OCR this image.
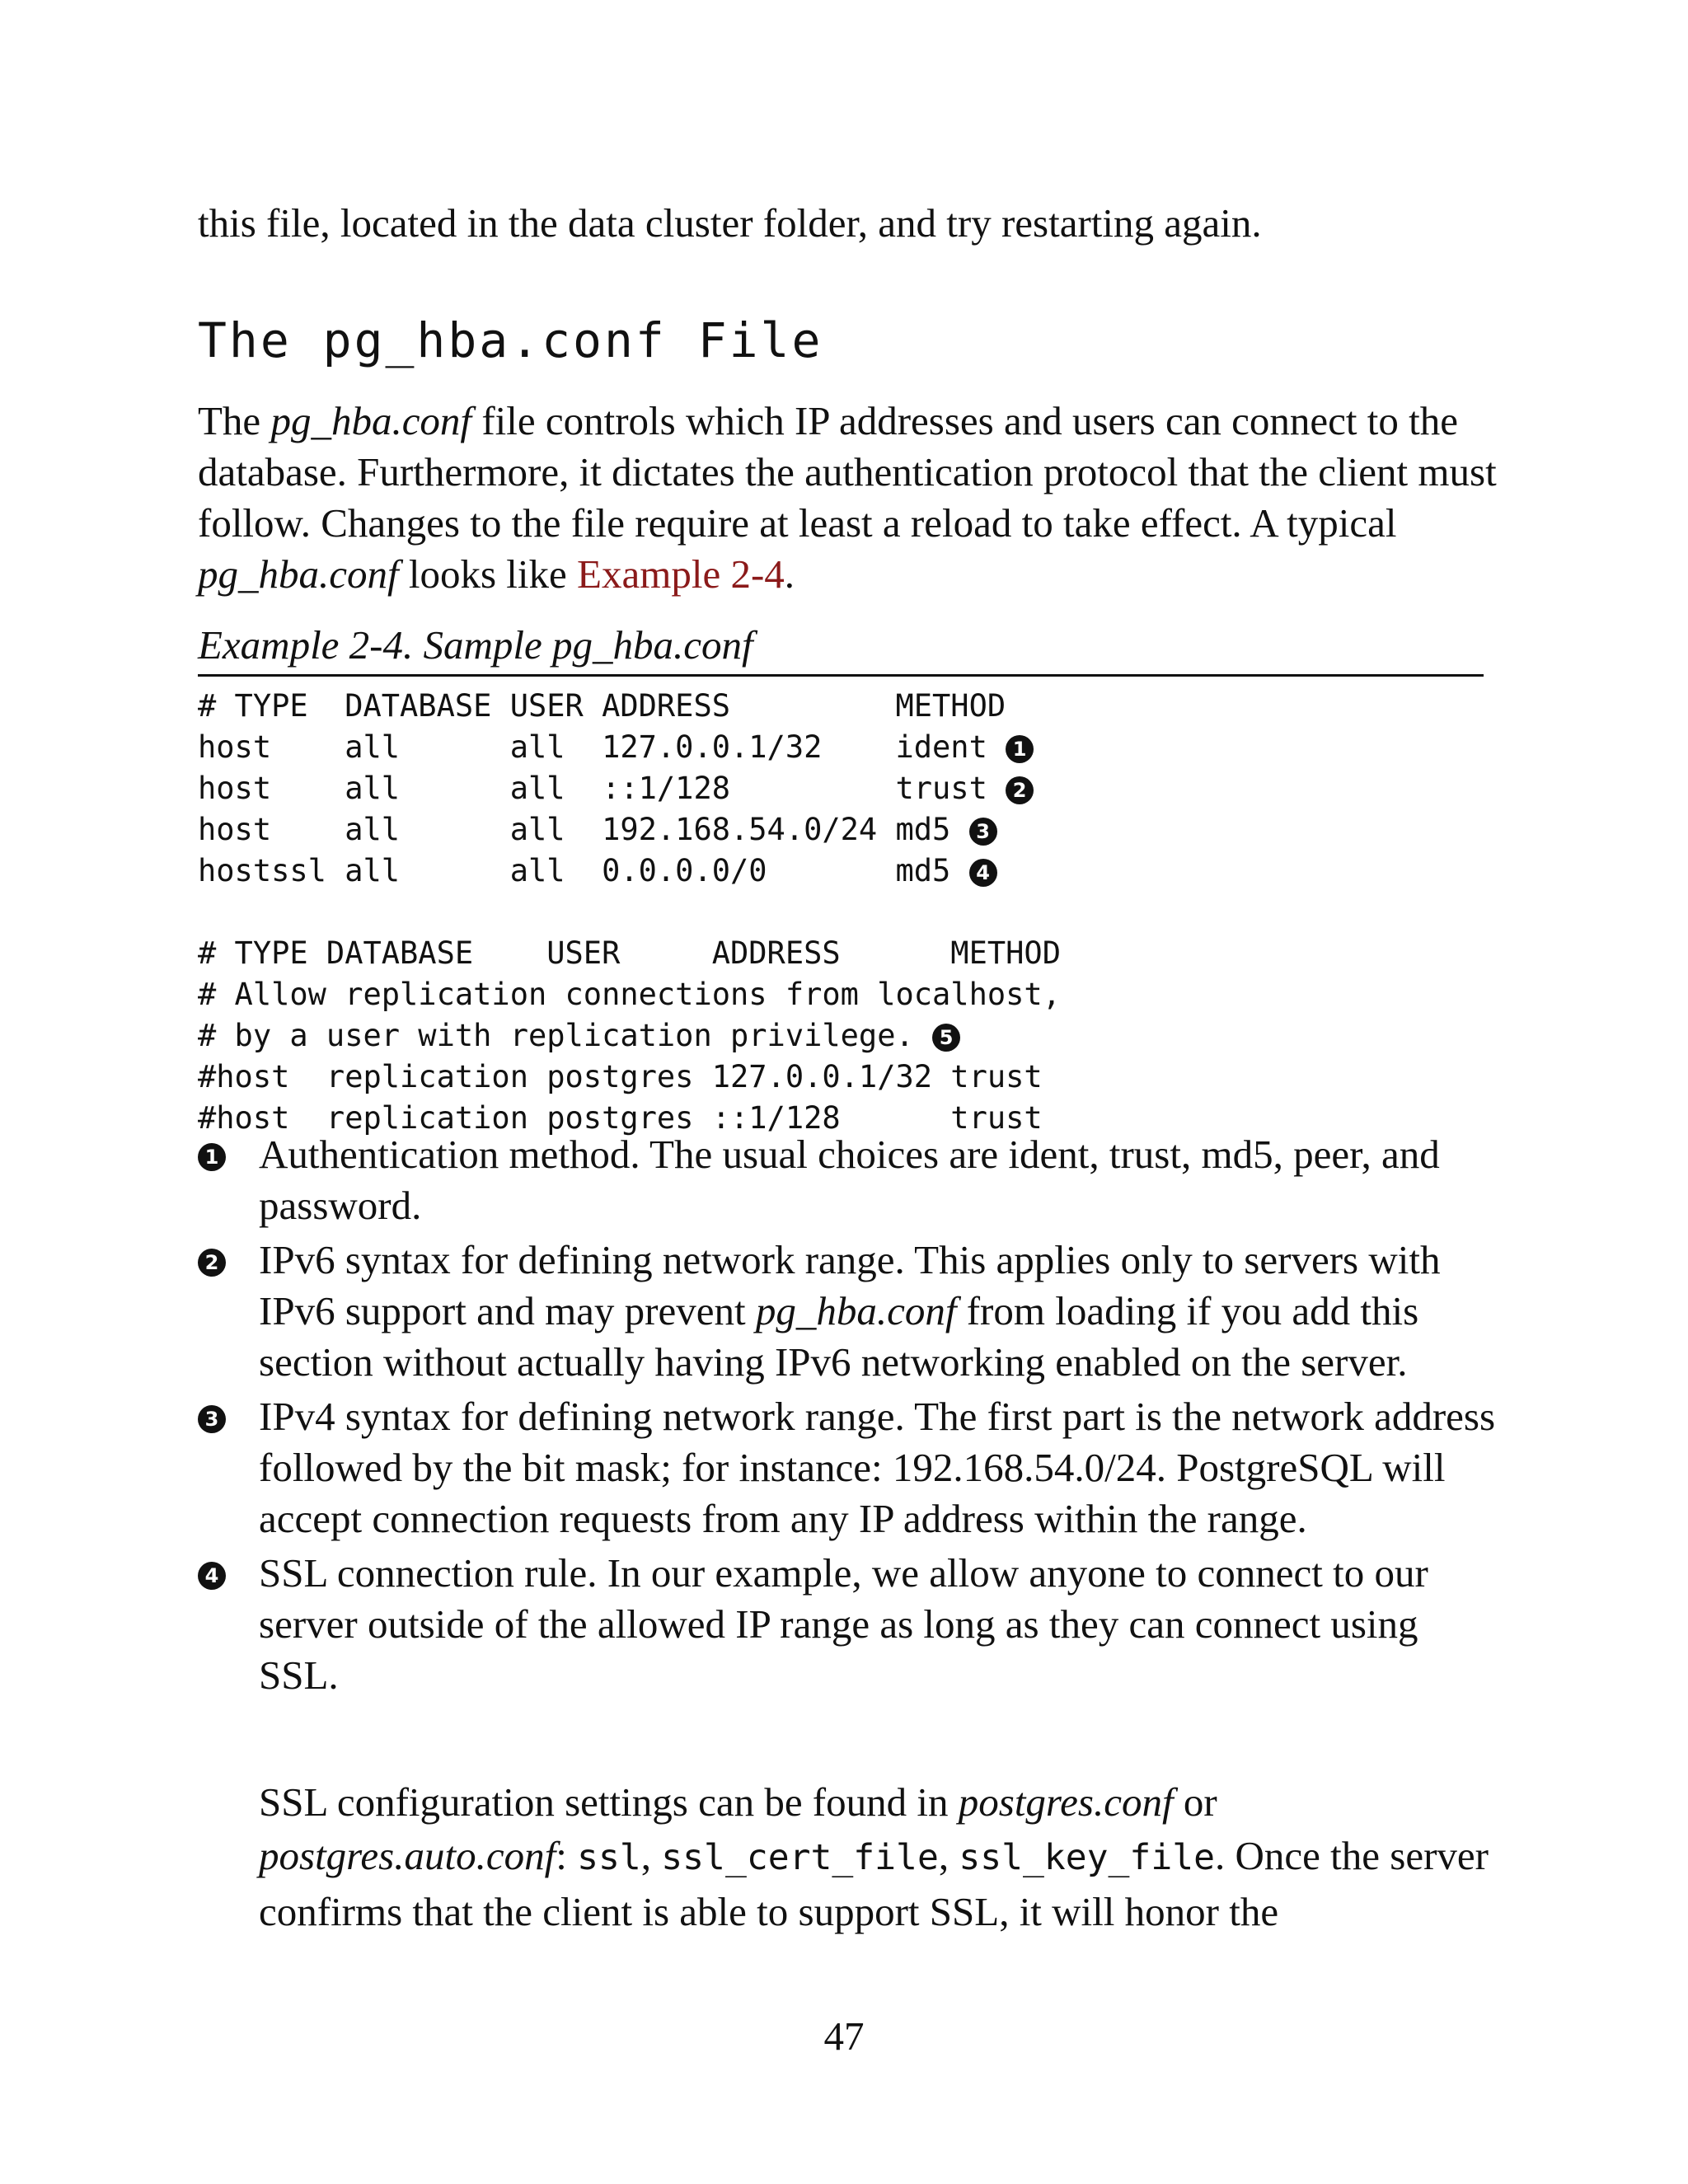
this file, located in the data cluster folder, and try restarting again.

The pg_hba.conf File

The pg_hba.conf file controls which IP addresses and users can connect to the database. Furthermore, it dictates the authentication protocol that the client must follow. Changes to the file require at least a reload to take effect. A typical pg_hba.conf looks like Example 2-4.

Example 2-4. Sample pg_hba.conf

# TYPE  DATABASE USER ADDRESS         METHOD
host    all      all  127.0.0.1/32    ident 1
host    all      all  ::1/128         trust 2
host    all      all  192.168.54.0/24 md5 3
hostssl all      all  0.0.0.0/0       md5 4
# TYPE DATABASE    USER     ADDRESS      METHOD
# Allow replication connections from localhost,
# by a user with replication privilege. 5
#host  replication postgres 127.0.0.1/32 trust
#host  replication postgres ::1/128      trust
1 Authentication method. The usual choices are ident, trust, md5, peer, and password.
2 IPv6 syntax for defining network range. This applies only to servers with IPv6 support and may prevent pg_hba.conf from loading if you add this section without actually having IPv6 networking enabled on the server.
3 IPv4 syntax for defining network range. The first part is the network address followed by the bit mask; for instance: 192.168.54.0/24. PostgreSQL will accept connection requests from any IP address within the range.
4 SSL connection rule. In our example, we allow anyone to connect to our server outside of the allowed IP range as long as they can connect using SSL.

SSL configuration settings can be found in postgres.conf or postgres.auto.conf: ssl, ssl_cert_file, ssl_key_file. Once the server confirms that the client is able to support SSL, it will honor the

47
